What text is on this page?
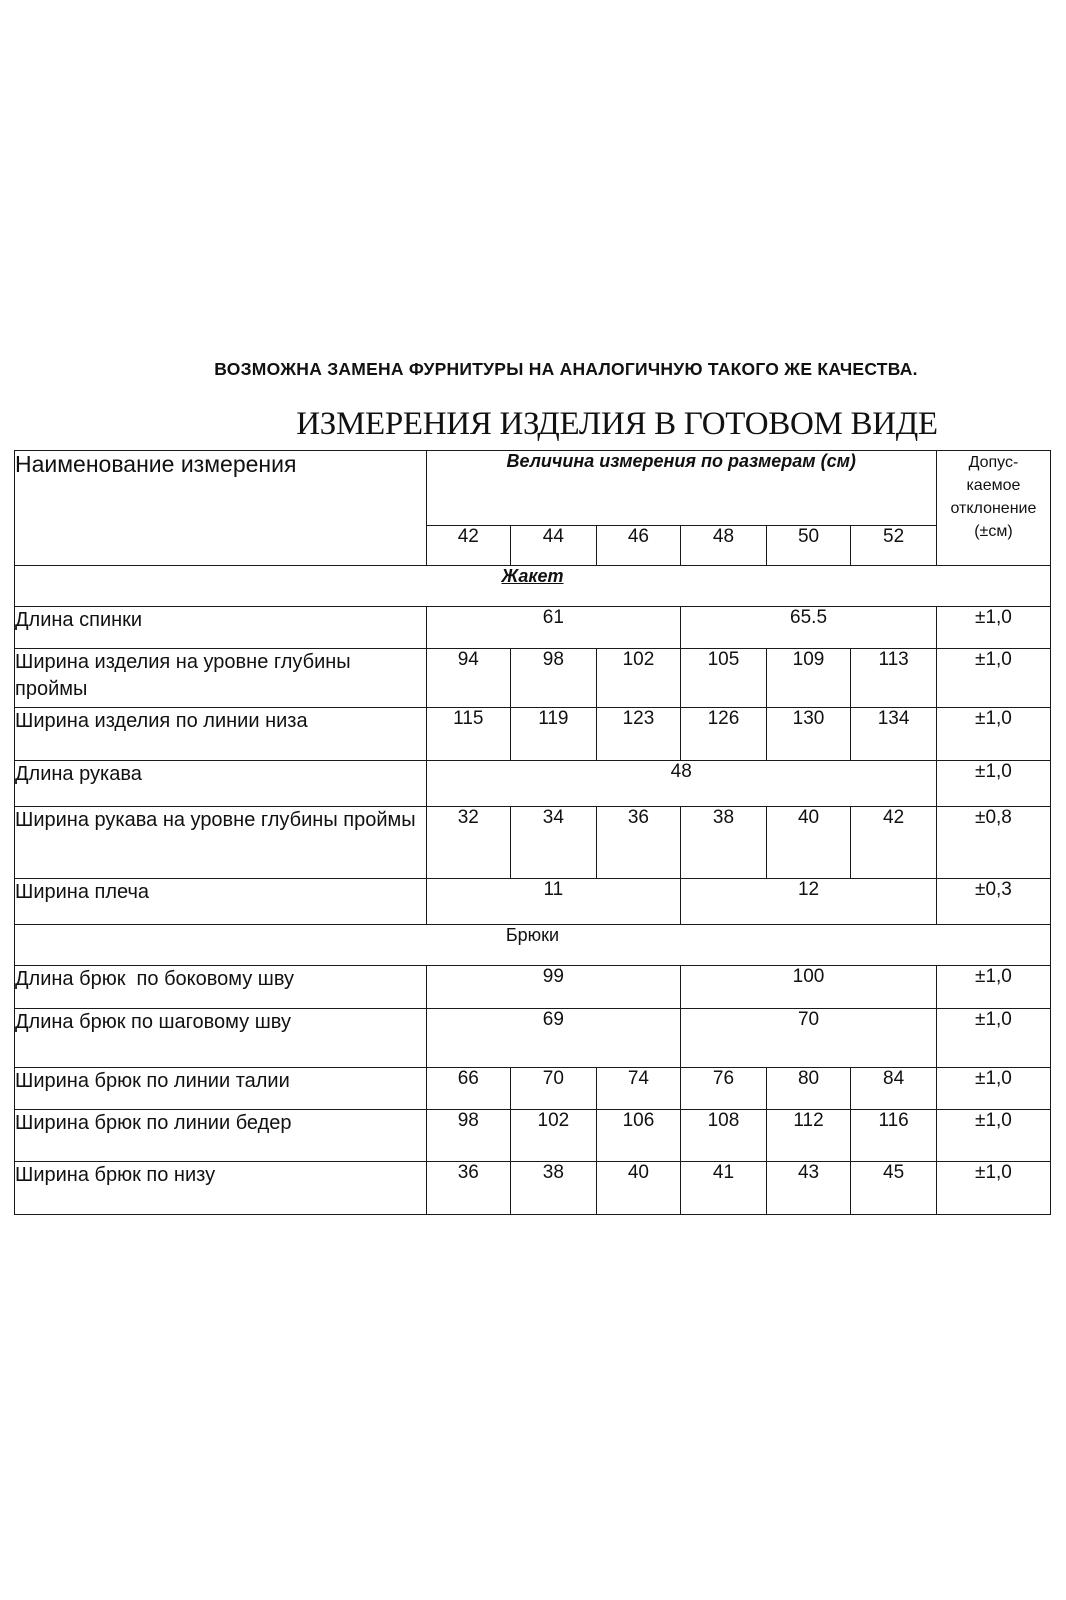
ВОЗМОЖНА ЗАМЕНА ФУРНИТУРЫ НА АНАЛОГИЧНУЮ ТАКОГО ЖЕ КАЧЕСТВА.
ИЗМЕРЕНИЯ ИЗДЕЛИЯ В ГОТОВОМ ВИДЕ
Наименование измерения	Величина измерения по размерам (см)						Допус-
каемое
отклонение
(±см)
	42	44	46	48	50	52	
Жакет							
Длина спинки	61			65.5			±1,0
Ширина изделия на уровне глубины проймы	94	98	102	105	109	113	±1,0
Ширина изделия по линии низа	115	119	123	126	130	134	±1,0
Длина рукава	48						±1,0
Ширина рукава на уровне глубины проймы	32	34	36	38	40	42	±0,8
Ширина плеча	11			12			±0,3
Брюки							
Длина брюк  по боковому шву	99			100			±1,0
Длина брюк по шаговому шву	69			70			±1,0
Ширина брюк по линии талии	66	70	74	76	80	84	±1,0
Ширина брюк по линии бедер	98	102	106	108	112	116	±1,0
Ширина брюк по низу	36	38	40	41	43	45	±1,0
